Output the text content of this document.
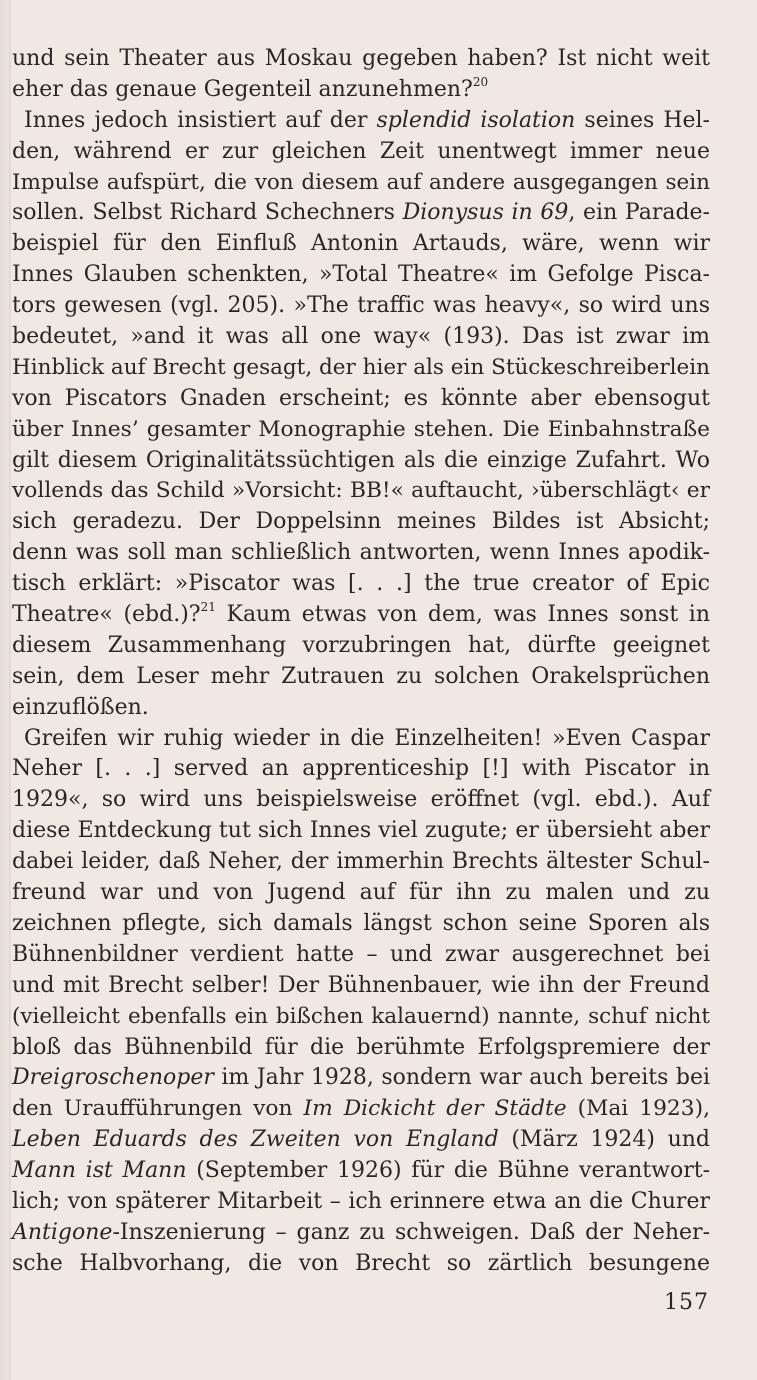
und sein Theater aus Moskau gegeben haben? Ist nicht weit
eher das genaue Gegenteil anzunehmen?$^{20}$
Innes jedoch insistiert auf der splendid isolation seines Hel-
den, während er zur gleichen Zeit unentwegt immer neue
Impulse aufspürt, die von diesem auf andere ausgegangen sein
sollen. Selbst Richard Schechners Dionysus in 69, ein Parade-
beispiel für den Einfluß Antonin Artauds, wäre, wenn wir
Innes Glauben schenkten, »Total Theatre« im Gefolge Pisca-
tors gewesen (vgl. 205). »The traffic was heavy«, so wird uns
bedeutet, »and it was all one way« (193). Das ist zwar im
Hinblick auf Brecht gesagt, der hier als ein Stückeschreiberlein
von Piscators Gnaden erscheint; es könnte aber ebensogut
über Innes’ gesamter Monographie stehen. Die Einbahnstraße
gilt diesem Originalitätssüchtigen als die einzige Zufahrt. Wo
vollends das Schild »Vorsicht: BB!« auftaucht, ›überschlägt‹ er
sich geradezu. Der Doppelsinn meines Bildes ist Absicht;
denn was soll man schließlich antworten, wenn Innes apodik-
tisch erklärt: »Piscator was [. . .] the true creator of Epic
Theatre« (ebd.)?$^{21}$ Kaum etwas von dem, was Innes sonst in
diesem Zusammenhang vorzubringen hat, dürfte geeignet
sein, dem Leser mehr Zutrauen zu solchen Orakelsprüchen
einzuflößen.
Greifen wir ruhig wieder in die Einzelheiten! »Even Caspar
Neher [. . .] served an apprenticeship [!] with Piscator in
1929«, so wird uns beispielsweise eröffnet (vgl. ebd.). Auf
diese Entdeckung tut sich Innes viel zugute; er übersieht aber
dabei leider, daß Neher, der immerhin Brechts ältester Schul-
freund war und von Jugend auf für ihn zu malen und zu
zeichnen pflegte, sich damals längst schon seine Sporen als
Bühnenbildner verdient hatte – und zwar ausgerechnet bei
und mit Brecht selber! Der Bühnenbauer, wie ihn der Freund
(vielleicht ebenfalls ein bißchen kalauernd) nannte, schuf nicht
bloß das Bühnenbild für die berühmte Erfolgspremiere der
Dreigroschenoper im Jahr 1928, sondern war auch bereits bei
den Uraufführungen von Im Dickicht der Städte (Mai 1923),
Leben Eduards des Zweiten von England (März 1924) und
Mann ist Mann (September 1926) für die Bühne verantwort-
lich; von späterer Mitarbeit – ich erinnere etwa an die Churer
Antigone-Inszenierung – ganz zu schweigen. Daß der Neher-
sche Halbvorhang, die von Brecht so zärtlich besungene
157
